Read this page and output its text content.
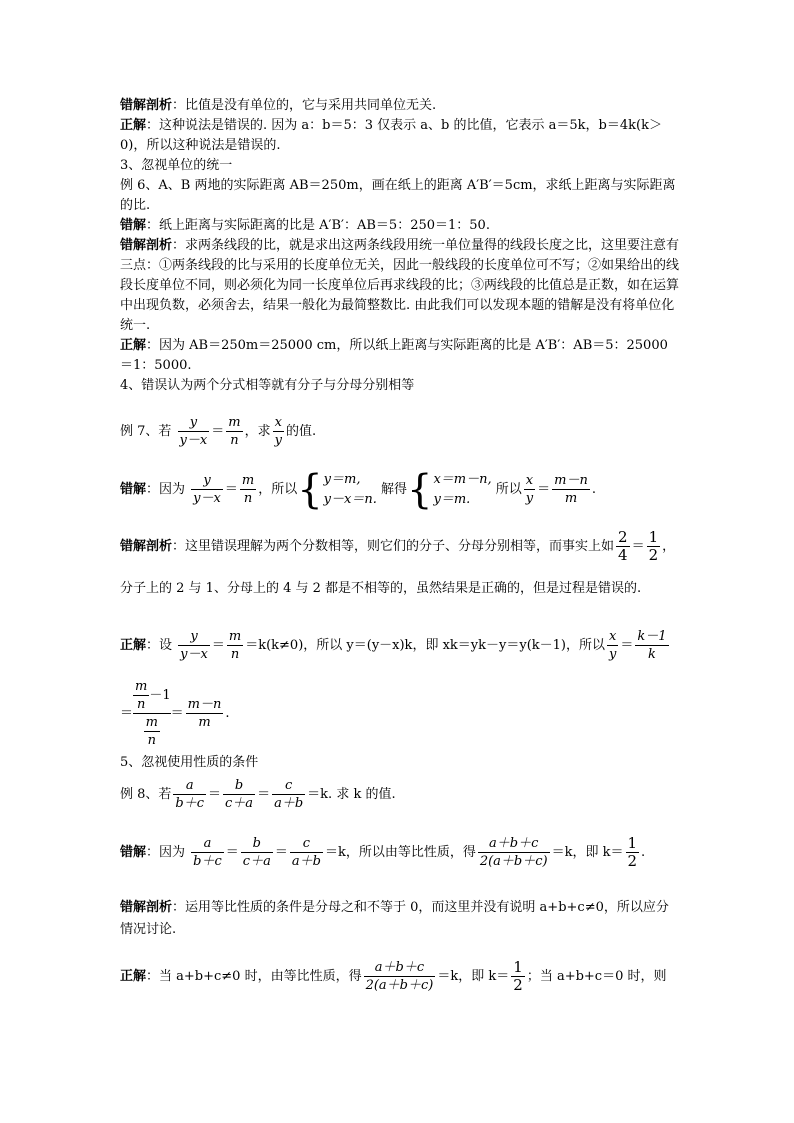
错解剖析：比值是没有单位的，它与采用共同单位无关.

正解：这种说法是错误的. 因为 a：b＝5：3 仅表示 a、b 的比值，它表示 a＝5k，b＝4k(k＞0)，所以这种说法是错误的.

3、忽视单位的统一

例 6、A、B 两地的实际距离 AB＝250m，画在纸上的距离 A′B′＝5cm，求纸上距离与实际距离的比.

错解：纸上距离与实际距离的比是 A′B′：AB＝5：250＝1：50.

错解剖析：求两条线段的比，就是求出这两条线段用统一单位量得的线段长度之比，这里要注意有三点：①两条线段的比与采用的长度单位无关，因此一般线段的长度单位可不写；②如果给出的线段长度单位不同，则必须化为同一长度单位后再求线段的比；③两线段的比值总是正数，如在运算中出现负数，必须舍去，结果一般化为最简整数比. 由此我们可以发现本题的错解是没有将单位化统一.

正解：因为 AB＝250m＝25000 cm，所以纸上距离与实际距离的比是 A′B′：AB＝5：25000＝1：5000.

4、错误认为两个分式相等就有分子与分母分别相等

例 7、若 $\frac{y}{y-x} = \frac{m}{n}$ ，求 $\frac{x}{y}$ 的值.

错解：因为 $\frac{y}{y-x} = \frac{m}{n}$ ，所以{ y＝m,
y－x＝n.
解得{ x＝m－n,
y＝m.
所以 $\frac{x}{y} = \frac{m-n}{m}$ .

错解剖析：这里错误理解为两个分数相等，则它们的分子、分母分别相等，而事实上如 $\frac{2}{4} = \frac{1}{2}$ ，分子上的 2 与 1、分母上的 4 与 2 都是不相等的，虽然结果是正确的，但是过程是错误的.

正解：设 $\frac{y}{y-x} = \frac{m}{n} =k(k\ne 0)$，所以 y＝(y－x)k，即 xk＝yk－y＝y(k－1)，所以 $\frac{x}{y} = \frac{k-1}{k}$

＝ $\frac{\frac{m}{n} -1}{\frac{m}{n}} = \frac{m-n}{m}$ .

5、忽视使用性质的条件

例 8、若 $\frac{a}{b+c} = \frac{b}{c+a} = \frac{c}{a+b} =k$. 求 k 的值.

错解：因为 $\frac{a}{b+c} = \frac{b}{c+a} = \frac{c}{a+b} =k$，所以由等比性质，得 $\frac{a+b+c}{2(a+b+c)} =k$，即 $k= \frac{1}{2}$ .

错解剖析：运用等比性质的条件是分母之和不等于 0，而这里并没有说明 a+b+c≠0，所以应分情况讨论.

正解：当 a+b+c≠0 时，由等比性质，得 $\frac{a+b+c}{2(a+b+c)} =k$，即 $k= \frac{1}{2}$ ；当 a+b+c＝0 时，则
